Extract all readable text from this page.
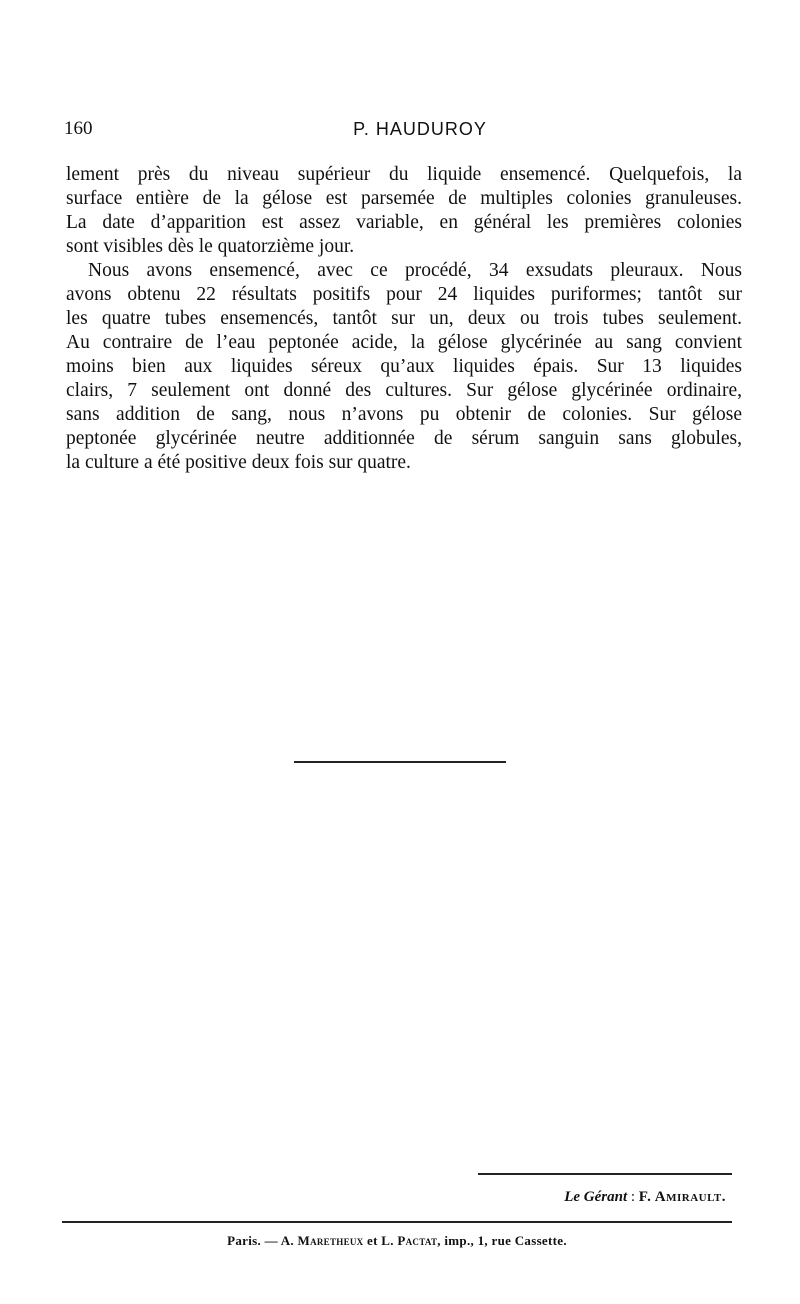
160	P. HAUDUROY
lement près du niveau supérieur du liquide ensemencé. Quelquefois, la
surface entière de la gélose est parsemée de multiples colonies granuleuses.
La date d’apparition est assez variable, en général les premières colonies
sont visibles dès le quatorzième jour.
Nous avons ensemencé, avec ce procédé, 34 exsudats pleuraux. Nous
avons obtenu 22 résultats positifs pour 24 liquides puriformes; tantôt sur
les quatre tubes ensemencés, tantôt sur un, deux ou trois tubes seulement.
Au contraire de l’eau peptonée acide, la gélose glycérinée au sang convient
moins bien aux liquides séreux qu’aux liquides épais. Sur 13 liquides
clairs, 7 seulement ont donné des cultures. Sur gélose glycérinée ordinaire,
sans addition de sang, nous n’avons pu obtenir de colonies. Sur gélose
peptonée glycérinée neutre additionnée de sérum sanguin sans globules,
la culture a été positive deux fois sur quatre.
Le Gérant : F. Amirault.
Paris. — A. Maretheux et L. Pactat, imp., 1, rue Cassette.
